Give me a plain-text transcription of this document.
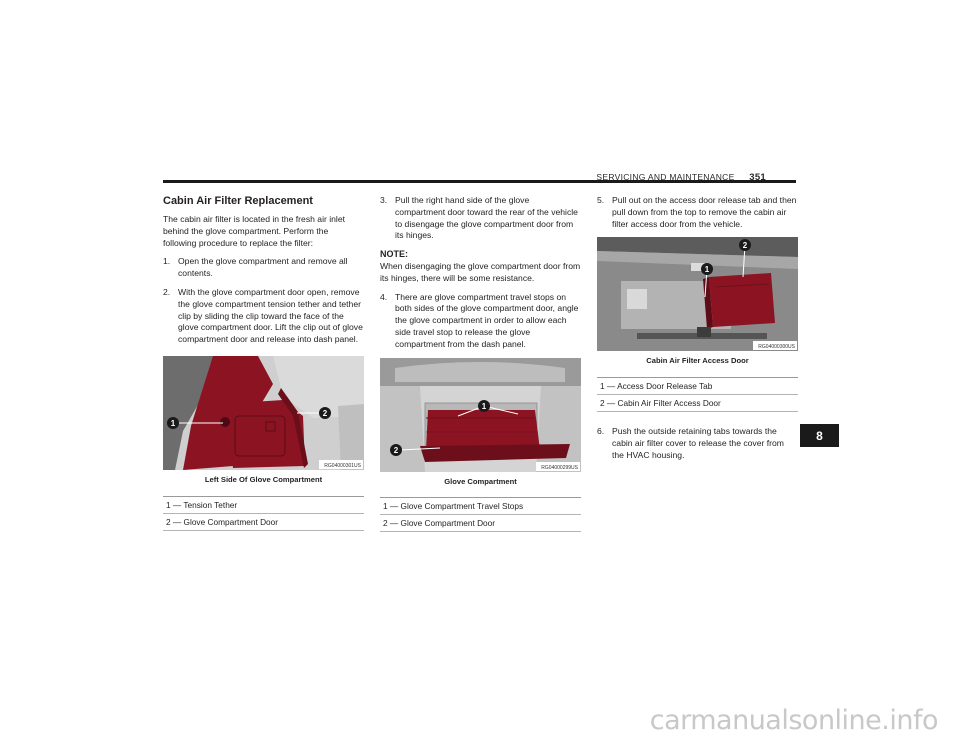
SERVICING AND MAINTENANCE 351
Cabin Air Filter Replacement

The cabin air filter is located in the fresh air inlet behind the glove compartment. Perform the following procedure to replace the filter:

1. Open the glove compartment and remove all contents.
2. With the glove compartment door open, remove the glove compartment tension tether and tether clip by sliding the clip toward the face of the glove compartment door. Lift the clip out of glove compartment door and release into dash panel.
1
2
RG04000301US
Left Side Of Glove Compartment
1 — Tension Tether
2 — Glove Compartment Door
3. Pull the right hand side of the glove compartment door toward the rear of the vehicle to disengage the glove compartment door from its hinges.
NOTE:

When disengaging the glove compartment door from its hinges, there will be some resistance.

4. There are glove compartment travel stops on both sides of the glove compartment door, angle the glove compartment in order to allow each side travel stop to release the glove compartment from the dash panel.
1
2
RG04000299US
Glove Compartment
1 — Glove Compartment Travel Stops
2 — Glove Compartment Door
5. Pull out on the access door release tab and then pull down from the top to remove the cabin air filter access door from the vehicle.
1
2
RG04000300US
Cabin Air Filter Access Door
1 — Access Door Release Tab
2 — Cabin Air Filter Access Door
6. Push the outside retaining tabs towards the cabin air filter cover to release the cover from the HVAC housing.
8
carmanualsonline.info
